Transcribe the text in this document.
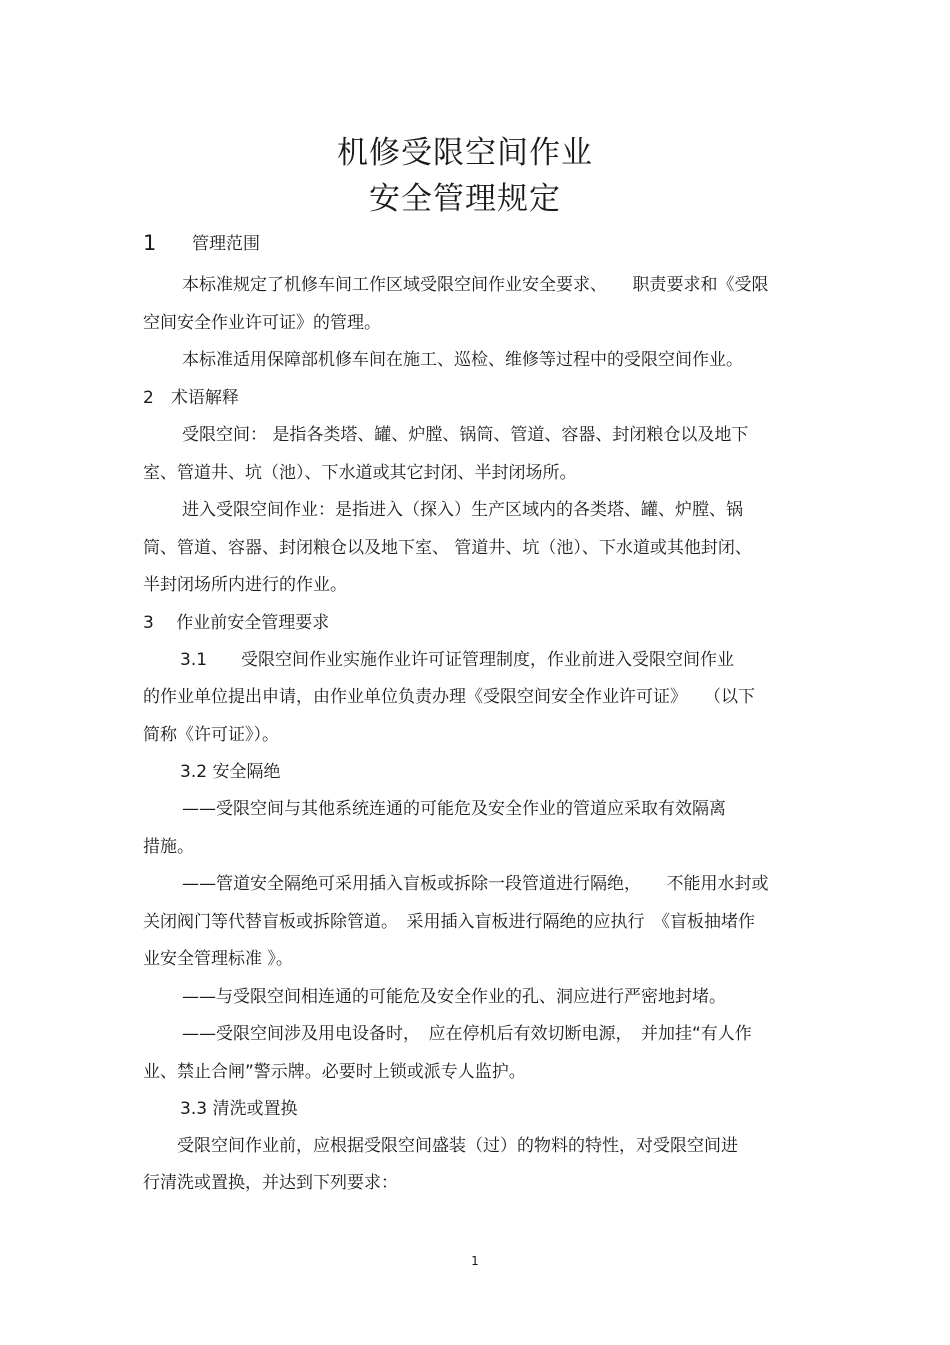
机修受限空间作业
安全管理规定
1 管理范围
本标准规定了机修车间工作区域受限空间作业安全要求、　　职责要求和《受限
空间安全作业许可证》的管理。
本标准适用保障部机修车间在施工、巡检、维修等过程中的受限空间作业。
2　术语解释
受限空间： 是指各类塔、罐、炉膛、锅筒、管道、容器、封闭粮仓以及地下
室、管道井、坑（池）、下水道或其它封闭、半封闭场所。
进入受限空间作业：是指进入（探入）生产区域内的各类塔、罐、炉膛、锅
筒、管道、容器、封闭粮仓以及地下室、 管道井、坑（池）、下水道或其他封闭、
半封闭场所内进行的作业。
3　 作业前安全管理要求
3.1　　受限空间作业实施作业许可证管理制度，作业前进入受限空间作业
的作业单位提出申请，由作业单位负责办理《受限空间安全作业许可证》　　（以下
简称《许可证》）。
3.2 安全隔绝
——受限空间与其他系统连通的可能危及安全作业的管道应采取有效隔离
措施。
——管道安全隔绝可采用插入盲板或拆除一段管道进行隔绝，　　不能用水封或
关闭阀门等代替盲板或拆除管道。　采用插入盲板进行隔绝的应执行　《盲板抽堵作
业安全管理标准 》。
——与受限空间相连通的可能危及安全作业的孔、洞应进行严密地封堵。
——受限空间涉及用电设备时，　应在停机后有效切断电源，　并加挂“有人作
业、禁止合闸”警示牌。必要时上锁或派专人监护。
3.3 清洗或置换
受限空间作业前，应根据受限空间盛装（过）的物料的特性，对受限空间进
行清洗或置换，并达到下列要求：
1
